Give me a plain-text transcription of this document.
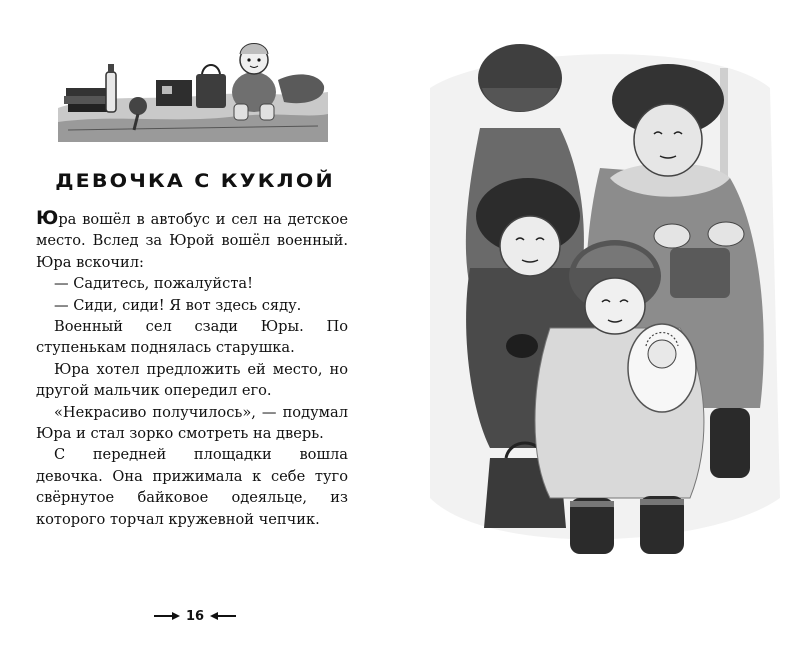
ДЕВОЧКА С КУКЛОЙ

Юра вошёл в автобус и сел на детское место. Вслед за Юрой вошёл военный. Юра вскочил:

— Садитесь, пожалуйста!

— Сиди, сиди! Я вот здесь сяду.

Военный сел сзади Юры. По ступенькам поднялась старушка.

Юра хотел предложить ей место, но другой мальчик опередил его.

«Некрасиво получилось», — подумал Юра и стал зорко смотреть на дверь.

С передней площадки вошла девочка. Она прижимала к себе туго свёрнутое байковое одеяльце, из которого торчал кружевной чепчик.

16
